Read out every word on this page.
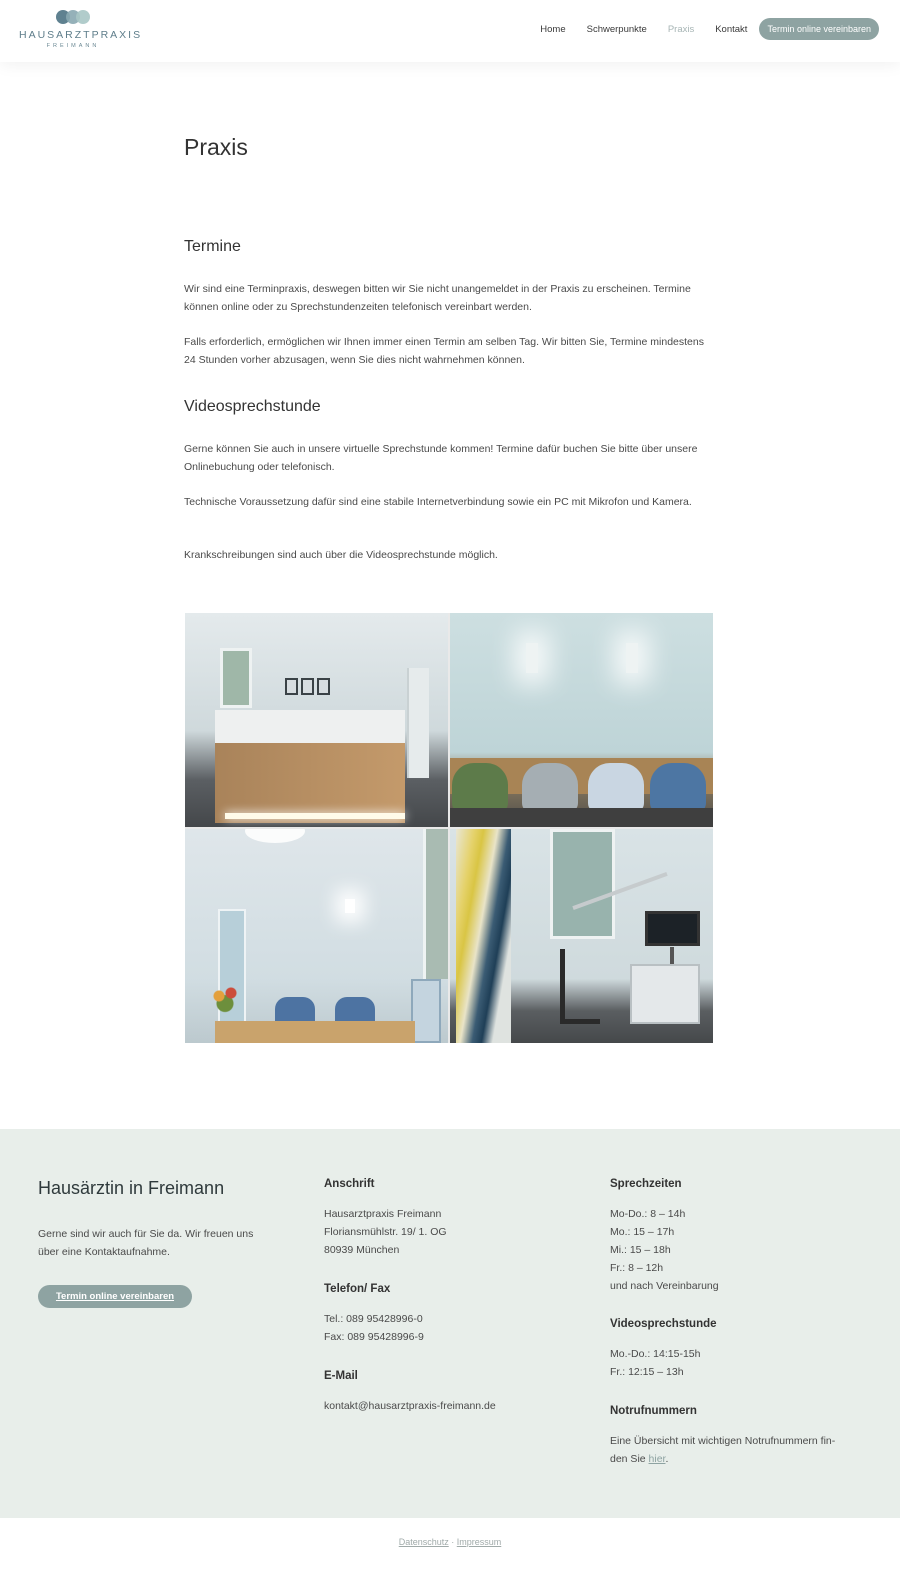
HAUSARZTPRAXIS
FREIMANN
Home Schwerpunkte Praxis Kontakt	Termin online vereinbaren
Praxis
Termine

Wir sind eine Terminpraxis, deswegen bitten wir Sie nicht unangemeldet in der Praxis zu erscheinen. Termine können online oder zu Sprechstundenzeiten telefonisch vereinbart werden.

Falls erforderlich, ermöglichen wir Ihnen immer einen Termin am selben Tag. Wir bitten Sie, Termine mindestens 24 Stunden vorher abzusagen, wenn Sie dies nicht wahrnehmen können.

Videosprechstunde

Gerne können Sie auch in unsere virtuelle Sprechstunde kommen! Termine dafür buchen Sie bitte über unsere Onlinebuchung oder telefonisch.

Technische Voraussetzung dafür sind eine stabile Internetverbindung sowie ein PC mit Mikrofon und Kamera.

Krankschreibungen sind auch über die Videosprechstunde möglich.

Hausärztin in Freimann
Gerne sind wir auch für Sie da. Wir freuen uns
über eine Kontaktaufnahme.
Termin online vereinbaren
Anschrift
Hausarztpraxis Freimann
Floriansmühlstr. 19/ 1. OG
80939 München
Telefon/ Fax
Tel.: 089 95428996-0
Fax: 089 95428996-9
E-Mail
kontakt@hausarztpraxis-freimann.de
Sprechzeiten
Mo-Do.: 8 – 14h
Mo.: 15 – 17h
Mi.: 15 – 18h
Fr.: 8 – 12h
und nach Vereinbarung
Videosprechstunde
Mo.-Do.: 14:15-15h
Fr.: 12:15 – 13h
Notrufnummern
Eine Übersicht mit wichtigen Notrufnummern fin-
den Sie hier.
Datenschutz · Impressum
